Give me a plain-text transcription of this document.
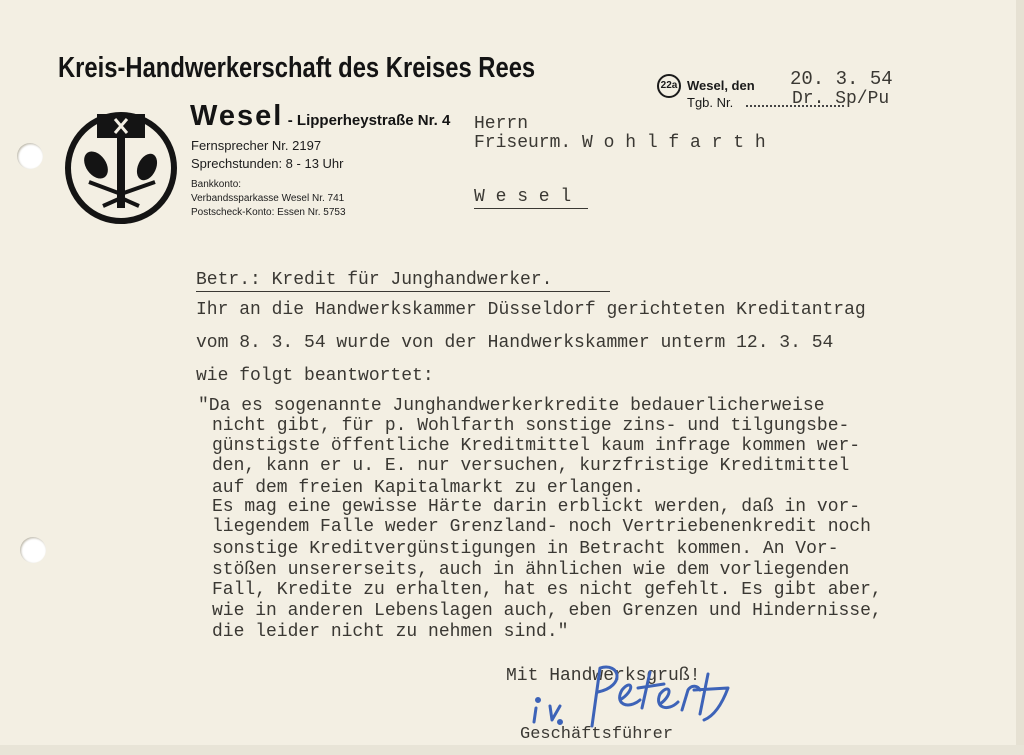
Kreis-Handwerkerschaft des Kreises Rees

Wesel - Lipperheystraße Nr. 4

Fernsprecher Nr. 2197

Sprechstunden: 8 - 13 Uhr

Bankkonto:

Verbandssparkasse Wesel Nr. 741

Postscheck-Konto: Essen Nr. 5753

22a Wesel, den

Tgb. Nr.

20. 3. 54

Dr. Sp/Pu

Herrn

Friseurm. W o h l f a r t h

W e s e l

Betr.: Kredit für Junghandwerker.

Ihr an die Handwerkskammer Düsseldorf gerichteten Kreditantrag

vom 8. 3. 54 wurde von der Handwerkskammer unterm 12. 3. 54

wie folgt beantwortet:

"Da es sogenannte Junghandwerkerkredite bedauerlicherweise

nicht gibt, für p. Wohlfarth sonstige zins- und tilgungsbe-

günstigste öffentliche Kreditmittel kaum infrage kommen wer-

den, kann er u. E. nur versuchen, kurzfristige Kreditmittel

auf dem freien Kapitalmarkt zu erlangen.

Es mag eine gewisse Härte darin erblickt werden, daß in vor-

liegendem Falle weder Grenzland- noch Vertriebenenkredit noch

sonstige Kreditvergünstigungen in Betracht kommen. An Vor-

stößen unsererseits, auch in ähnlichen wie dem vorliegenden

Fall, Kredite zu erhalten, hat es nicht gefehlt. Es gibt aber,

wie in anderen Lebenslagen auch, eben Grenzen und Hindernisse,

die leider nicht zu nehmen sind."

Mit Handwerksgruß!

Geschäftsführer
